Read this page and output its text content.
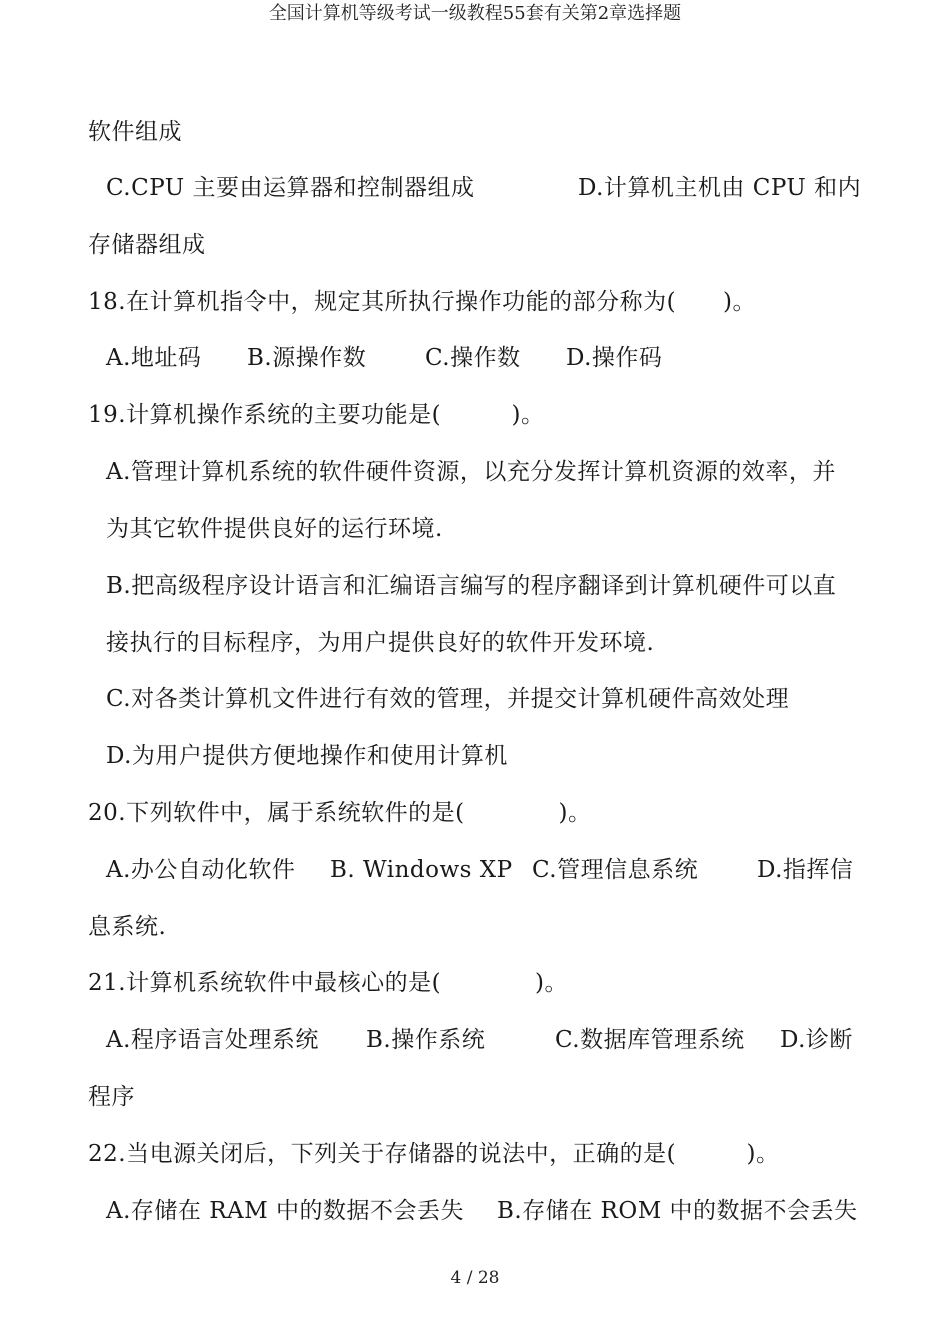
全国计算机等级考试一级教程55套有关第2章选择题
软件组成
C.CPU 主要由运算器和控制器组成	D.计算机主机由 CPU 和内
存储器组成
18.在计算机指令中，规定其所执行操作功能的部分称为(　　)。
A.地址码 B.源操作数	C.操作数 D.操作码
19.计算机操作系统的主要功能是(　　　)。
A.管理计算机系统的软件硬件资源，以充分发挥计算机资源的效率，并
为其它软件提供良好的运行环境.
B.把高级程序设计语言和汇编语言编写的程序翻译到计算机硬件可以直
接执行的目标程序，为用户提供良好的软件开发环境.
C.对各类计算机文件进行有效的管理，并提交计算机硬件高效处理
D.为用户提供方便地操作和使用计算机
20.下列软件中，属于系统软件的是(　　　　)。
A.办公自动化软件 B. Windows XP C.管理信息系统	D.指挥信
息系统.
21.计算机系统软件中最核心的是(　　　　)。
A.程序语言处理系统 B.操作系统	C.数据库管理系统 D.诊断
程序
22.当电源关闭后，下列关于存储器的说法中，正确的是(　　　)。
A.存储在 RAM 中的数据不会丢失 B.存储在 ROM 中的数据不会丢失
4 / 28
